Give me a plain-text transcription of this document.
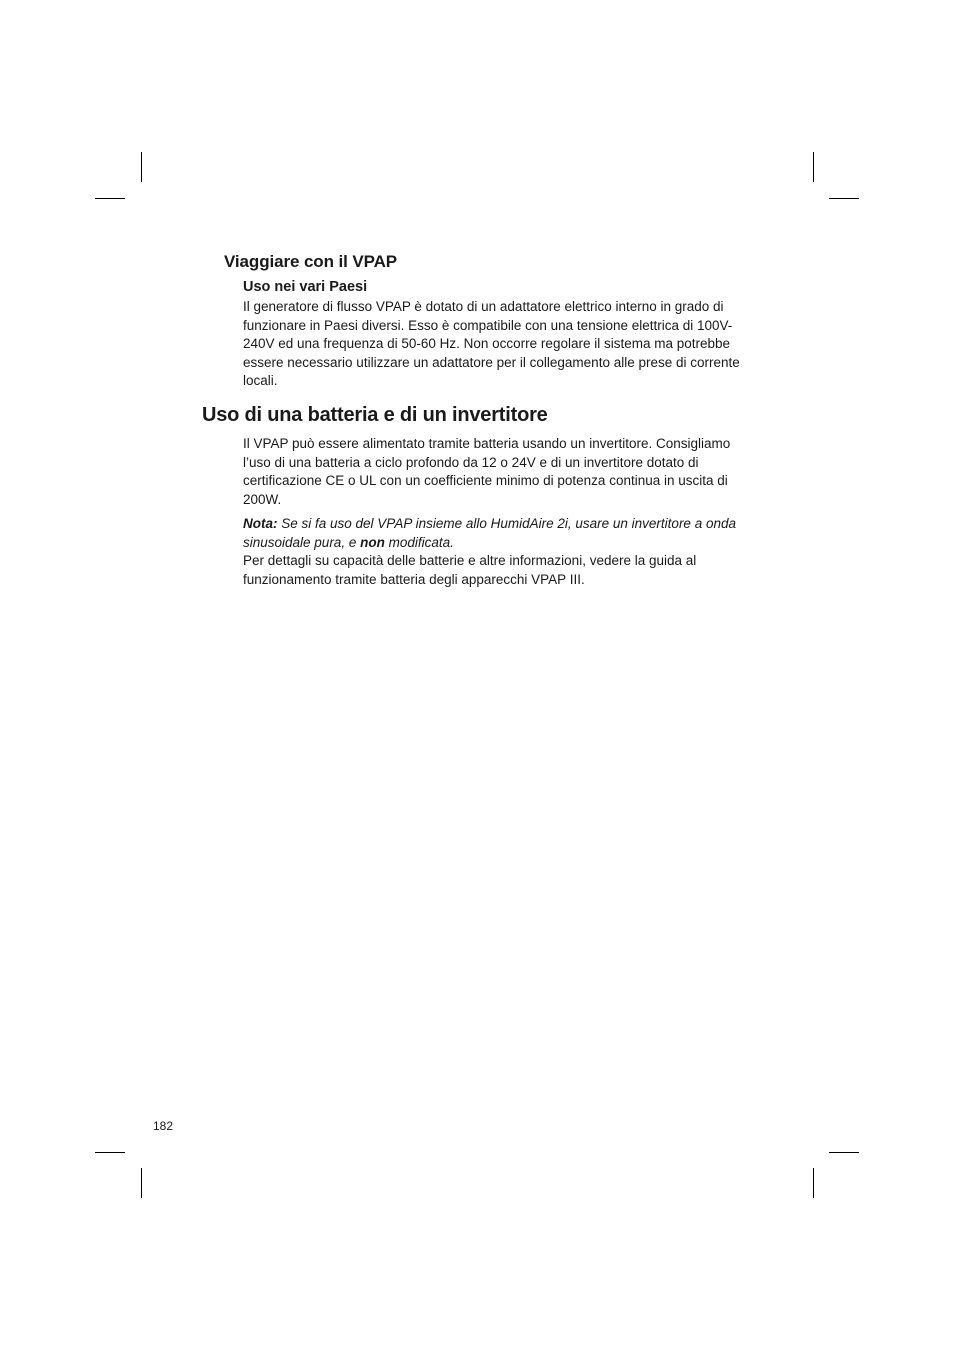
Viaggiare con il VPAP
Uso nei vari Paesi

Il generatore di flusso VPAP è dotato di un adattatore elettrico interno in grado di funzionare in Paesi diversi. Esso è compatibile con una tensione elettrica di 100V-240V ed una frequenza di 50-60 Hz. Non occorre regolare il sistema ma potrebbe essere necessario utilizzare un adattatore per il collegamento alle prese di corrente locali.

Uso di una batteria e di un invertitore

Il VPAP può essere alimentato tramite batteria usando un invertitore. Consigliamo l’uso di una batteria a ciclo profondo da 12 o 24V e di un invertitore dotato di certificazione CE o UL con un coefficiente minimo di potenza continua in uscita di 200W.

Nota: Se si fa uso del VPAP insieme allo HumidAire 2i, usare un invertitore a onda sinusoidale pura, e non modificata.

Per dettagli su capacità delle batterie e altre informazioni, vedere la guida al funzionamento tramite batteria degli apparecchi VPAP III.

182
